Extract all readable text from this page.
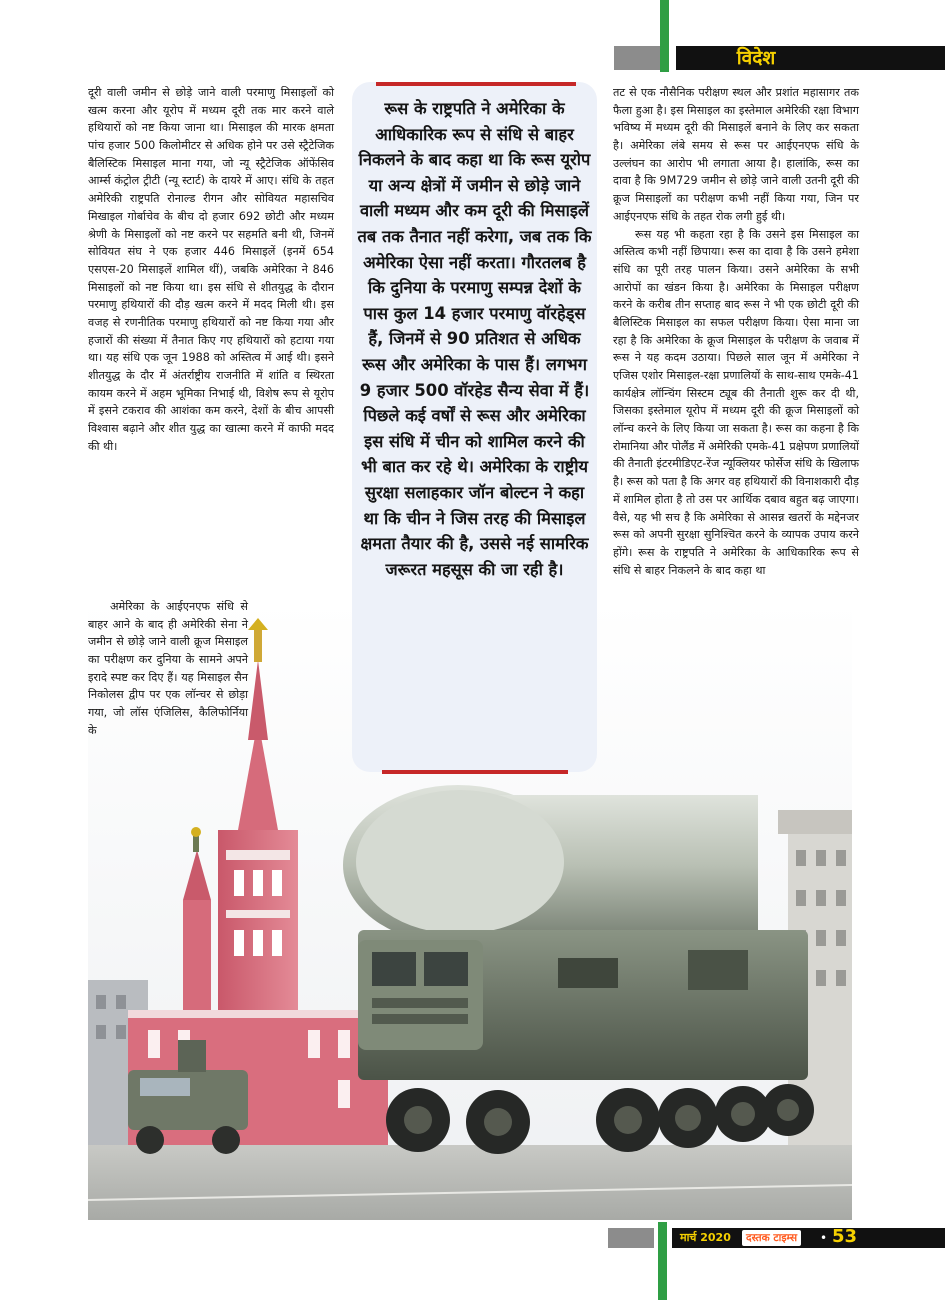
विदेश

दूरी वाली जमीन से छोड़े जाने वाली परमाणु मिसाइलों को खत्म करना और यूरोप में मध्यम दूरी तक मार करने वाले हथियारों को नष्ट किया जाना था। मिसाइल की मारक क्षमता पांच हजार 500 किलोमीटर से अधिक होने पर उसे स्ट्रैटेजिक बैलिस्टिक मिसाइल माना गया, जो न्यू स्ट्रैटेजिक ऑफेंसिव आर्म्स कंट्रोल ट्रीटी (न्यू स्टार्ट) के दायरे में आए। संधि के तहत अमेरिकी राष्ट्रपति रोनाल्ड रीगन और सोवियत महासचिव मिखाइल गोर्बाचेव के बीच दो हजार 692 छोटी और मध्यम श्रेणी के मिसाइलों को नष्ट करने पर सहमति बनी थी, जिनमें सोवियत संघ ने एक हजार 446 मिसाइलें (इनमें 654 एसएस-20 मिसाइलें शामिल थीं), जबकि अमेरिका ने 846 मिसाइलों को नष्ट किया था। इस संधि से शीतयुद्ध के दौरान परमाणु हथियारों की दौड़ खत्म करने में मदद मिली थी। इस वजह से रणनीतिक परमाणु हथियारों को नष्ट किया गया और हजारों की संख्या में तैनात किए गए हथियारों को हटाया गया था। यह संधि एक जून 1988 को अस्तित्व में आई थी। इसने शीतयुद्ध के दौर में अंतर्राष्ट्रीय राजनीति में शांति व स्थिरता कायम करने में अहम भूमिका निभाई थी, विशेष रूप से यूरोप में इसने टकराव की आशंका कम करने, देशों के बीच आपसी विश्वास बढ़ाने और शीत युद्ध का खात्मा करने में काफी मदद की थी।

अमेरिका के आईएनएफ संधि से बाहर आने के बाद ही अमेरिकी सेना ने जमीन से छोड़े जाने वाली क्रूज मिसाइल का परीक्षण कर दुनिया के सामने अपने इरादे स्पष्ट कर दिए हैं। यह मिसाइल सैन निकोलस द्वीप पर एक लॉन्चर से छोड़ा गया, जो लॉस एंजिलिस, कैलिफोर्निया के

रूस के राष्ट्रपति ने अमेरिका के आधिकारिक रूप से संधि से बाहर निकलने के बाद कहा था कि रूस यूरोप या अन्य क्षेत्रों में जमीन से छोड़े जाने वाली मध्यम और कम दूरी की मिसाइलें तब तक तैनात नहीं करेगा, जब तक कि अमेरिका ऐसा नहीं करता। गौरतलब है कि दुनिया के परमाणु सम्पन्न देशों के पास कुल 14 हजार परमाणु वॉरहेड्स हैं, जिनमें से 90 प्रतिशत से अधिक रूस और अमेरिका के पास हैं। लगभग 9 हजार 500 वॉरहेड सैन्य सेवा में हैं। पिछले कई वर्षों से रूस और अमेरिका इस संधि में चीन को शामिल करने की भी बात कर रहे थे। अमेरिका के राष्ट्रीय सुरक्षा सलाहकार जॉन बोल्टन ने कहा था कि चीन ने जिस तरह की मिसाइल क्षमता तैयार की है, उससे नई सामरिक जरूरत महसूस की जा रही है।

तट से एक नौसैनिक परीक्षण स्थल और प्रशांत महासागर तक फैला हुआ है। इस मिसाइल का इस्तेमाल अमेरिकी रक्षा विभाग भविष्य में मध्यम दूरी की मिसाइलें बनाने के लिए कर सकता है। अमेरिका लंबे समय से रूस पर आईएनएफ संधि के उल्लंघन का आरोप भी लगाता आया है। हालांकि, रूस का दावा है कि 9M729 जमीन से छोड़े जाने वाली उतनी दूरी की क्रूज मिसाइलों का परीक्षण कभी नहीं किया गया, जिन पर आईएनएफ संधि के तहत रोक लगी हुई थी।

रूस यह भी कहता रहा है कि उसने इस मिसाइल का अस्तित्व कभी नहीं छिपाया। रूस का दावा है कि उसने हमेशा संधि का पूरी तरह पालन किया। उसने अमेरिका के सभी आरोपों का खंडन किया है। अमेरिका के मिसाइल परीक्षण करने के करीब तीन सप्ताह बाद रूस ने भी एक छोटी दूरी की बैलिस्टिक मिसाइल का सफल परीक्षण किया। ऐसा माना जा रहा है कि अमेरिका के क्रूज मिसाइल के परीक्षण के जवाब में रूस ने यह कदम उठाया। पिछले साल जून में अमेरिका ने एजिस एशोर मिसाइल-रक्षा प्रणालियों के साथ-साथ एमके-41 कार्यक्षेत्र लॉन्चिंग सिस्टम ट्यूब की तैनाती शुरू कर दी थी, जिसका इस्तेमाल यूरोप में मध्यम दूरी की क्रूज मिसाइलों को लॉन्च करने के लिए किया जा सकता है। रूस का कहना है कि रोमानिया और पोलैंड में अमेरिकी एमके-41 प्रक्षेपण प्रणालियों की तैनाती इंटरमीडिएट-रेंज न्यूक्लियर फोर्सेज संधि के खिलाफ है। रूस को पता है कि अगर वह हथियारों की विनाशकारी दौड़ में शामिल होता है तो उस पर आर्थिक दबाव बहुत बढ़ जाएगा। वैसे, यह भी सच है कि अमेरिका से आसन्न खतरों के मद्देनजर रूस को अपनी सुरक्षा सुनिश्चित करने के व्यापक उपाय करने होंगे। रूस के राष्ट्रपति ने अमेरिका के आधिकारिक रूप से संधि से बाहर निकलने के बाद कहा था

मार्च 2020	दस्तक टाइम्स	• 53
